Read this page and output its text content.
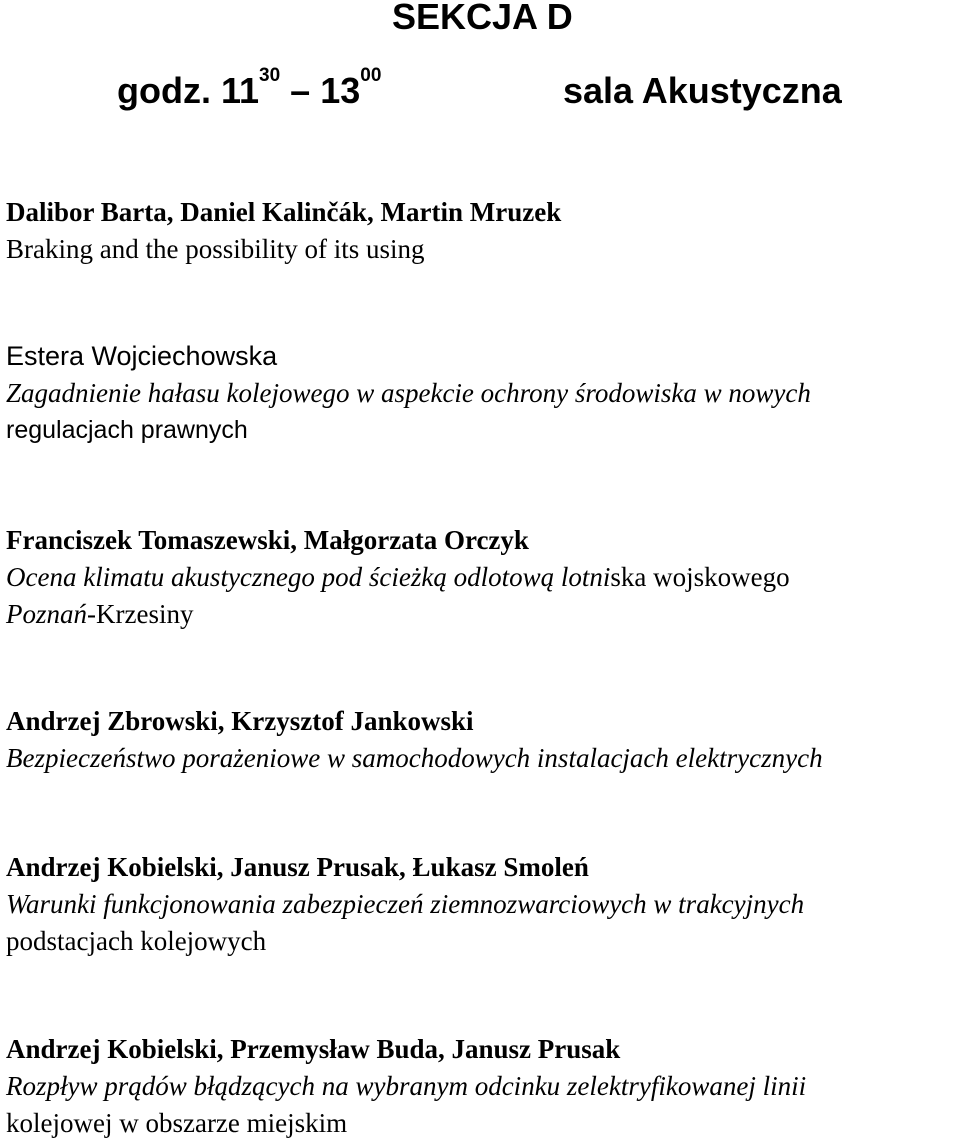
SEKCJA D
godz. $11^{30} - 13^{00}$	sala Akustyczna
Dalibor Barta, Daniel Kalinčák, Martin Mruzek
Braking and the possibility of its using
Estera Wojciechowska
Zagadnienie hałasu kolejowego w aspekcie ochrony środowiska w nowych
regulacjach prawnych
Franciszek Tomaszewski, Małgorzata Orczyk
Ocena klimatu akustycznego pod ścieżką odlotową lotniska wojskowego
Poznań-Krzesiny
Andrzej Zbrowski, Krzysztof Jankowski
Bezpieczeństwo porażeniowe w samochodowych instalacjach elektrycznych
Andrzej Kobielski, Janusz Prusak, Łukasz Smoleń
Warunki funkcjonowania zabezpieczeń ziemnozwarciowych w trakcyjnych
podstacjach kolejowych
Andrzej Kobielski, Przemysław Buda, Janusz Prusak
Rozpływ prądów błądzących na wybranym odcinku zelektryfikowanej linii
kolejowej w obszarze miejskim
